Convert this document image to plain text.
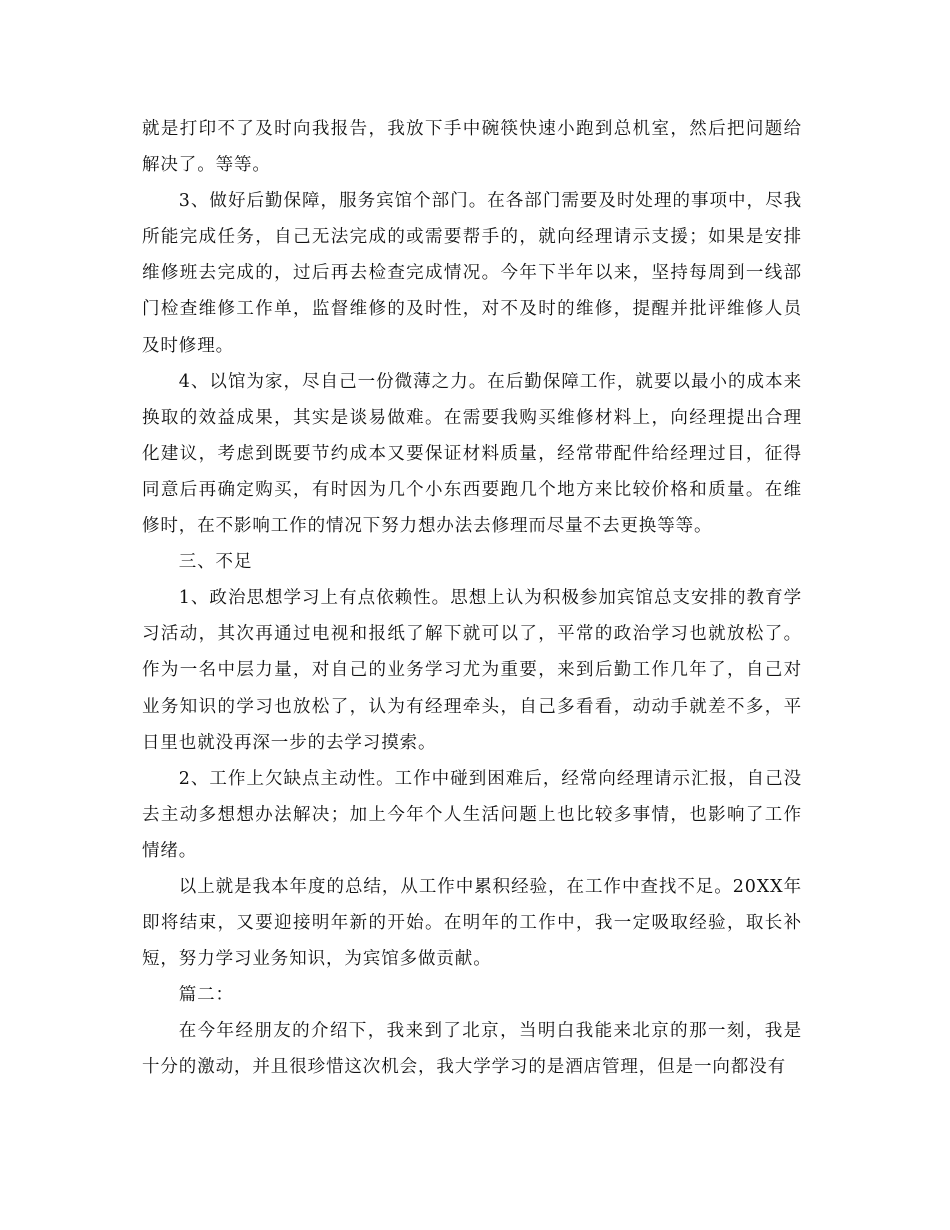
就是打印不了及时向我报告，我放下手中碗筷快速小跑到总机室，然后把问题给解决了。等等。

3、做好后勤保障，服务宾馆个部门。在各部门需要及时处理的事项中，尽我所能完成任务，自己无法完成的或需要帮手的，就向经理请示支援；如果是安排维修班去完成的，过后再去检查完成情况。今年下半年以来，坚持每周到一线部门检查维修工作单，监督维修的及时性，对不及时的维修，提醒并批评维修人员及时修理。

4、以馆为家，尽自己一份微薄之力。在后勤保障工作，就要以最小的成本来换取的效益成果，其实是谈易做难。在需要我购买维修材料上，向经理提出合理化建议，考虑到既要节约成本又要保证材料质量，经常带配件给经理过目，征得同意后再确定购买，有时因为几个小东西要跑几个地方来比较价格和质量。在维修时，在不影响工作的情况下努力想办法去修理而尽量不去更换等等。

三、不足

1、政治思想学习上有点依赖性。思想上认为积极参加宾馆总支安排的教育学习活动，其次再通过电视和报纸了解下就可以了，平常的政治学习也就放松了。作为一名中层力量，对自己的业务学习尤为重要，来到后勤工作几年了，自己对业务知识的学习也放松了，认为有经理牵头，自己多看看，动动手就差不多，平日里也就没再深一步的去学习摸索。

2、工作上欠缺点主动性。工作中碰到困难后，经常向经理请示汇报，自己没去主动多想想办法解决；加上今年个人生活问题上也比较多事情，也影响了工作情绪。

以上就是我本年度的总结，从工作中累积经验，在工作中查找不足。20XX年即将结束，又要迎接明年新的开始。在明年的工作中，我一定吸取经验，取长补短，努力学习业务知识，为宾馆多做贡献。

篇二：

在今年经朋友的介绍下，我来到了北京，当明白我能来北京的那一刻，我是十分的激动，并且很珍惜这次机会，我大学学习的是酒店管理，但是一向都没有
